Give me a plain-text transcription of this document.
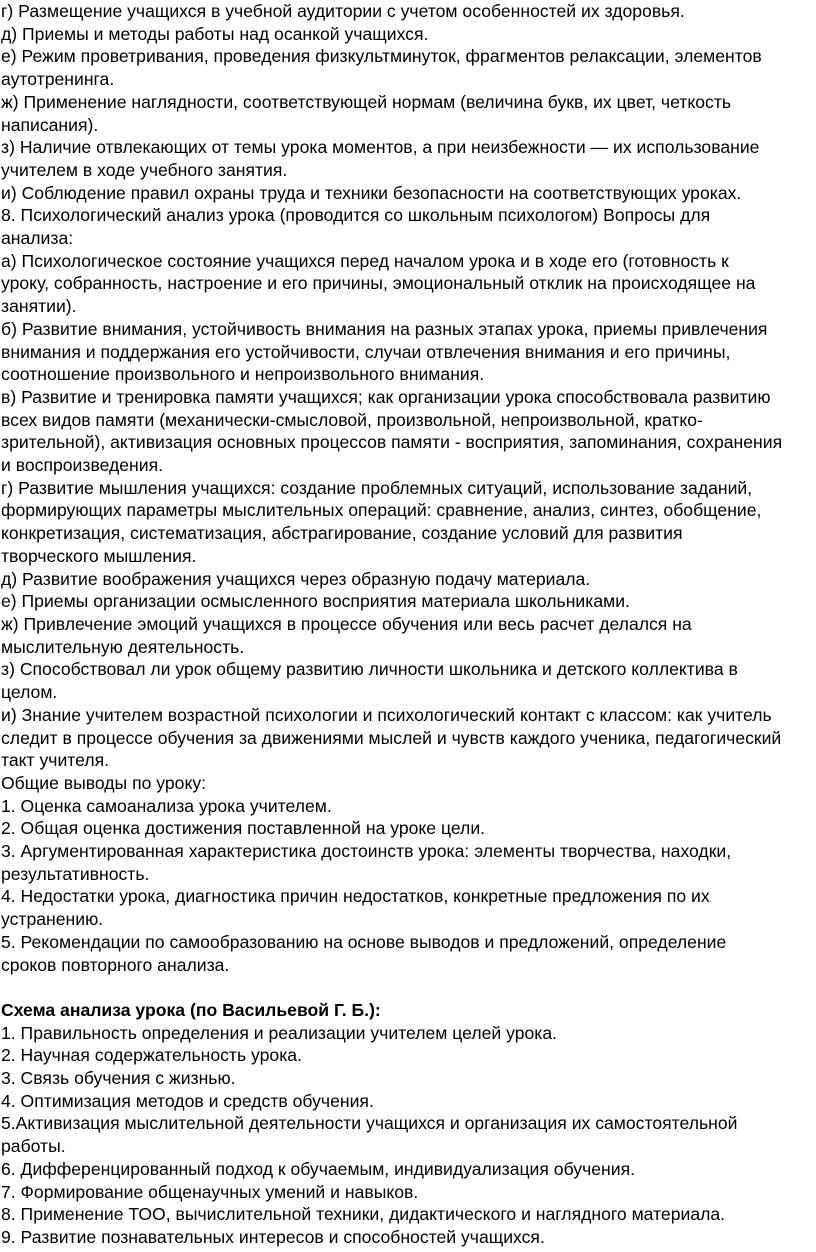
г) Размещение учащихся в учебной аудитории с учетом особенностей их здоровья.
д) Приемы и методы работы над осанкой учащихся.
е) Режим проветривания, проведения физкультминуток, фрагментов релаксации, элементов
аутотренинга.
ж) Применение наглядности, соответствующей нормам (величина букв, их цвет, четкость
написания).
з) Наличие отвлекающих от темы урока моментов, а при неизбежности — их использование
учителем в ходе учебного занятия.
и) Соблюдение правил охраны труда и техники безопасности на соответствующих уроках.
8. Психологический анализ урока (проводится со школьным психологом) Вопросы для
анализа:
а) Психологическое состояние учащихся перед началом урока и в ходе его (готовность к
уроку, собранность, настроение и его причины, эмоциональный отклик на происходящее на
занятии).
б) Развитие внимания, устойчивость внимания на разных этапах урока, приемы привлечения
внимания и поддержания его устойчивости, случаи отвлечения внимания и его причины,
соотношение произвольного и непроизвольного внимания.
в) Развитие и тренировка памяти учащихся; как организации урока способствовала развитию
всех видов памяти (механически-смысловой, произвольной, непроизвольной, кратко-
зрительной), активизация основных процессов памяти - восприятия, запоминания, сохранения
и воспроизведения.
г) Развитие мышления учащихся: создание проблемных ситуаций, использование заданий,
формирующих параметры мыслительных операций: сравнение, анализ, синтез, обобщение,
конкретизация, систематизация, абстрагирование, создание условий для развития
творческого мышления.
д) Развитие воображения учащихся через образную подачу материала.
е) Приемы организации осмысленного восприятия материала школьниками.
ж) Привлечение эмоций учащихся в процессе обучения или весь расчет делался на
мыслительную деятельность.
з) Способствовал ли урок общему развитию личности школьника и детского коллектива в
целом.
и) Знание учителем возрастной психологии и психологический контакт с классом: как учитель
следит в процессе обучения за движениями мыслей и чувств каждого ученика, педагогический
такт учителя.
Общие выводы по уроку:
1. Оценка самоанализа урока учителем.
2. Общая оценка достижения поставленной на уроке цели.
3. Аргументированная характеристика достоинств урока: элементы творчества, находки,
результативность.
4. Недостатки урока, диагностика причин недостатков, конкретные предложения по их
устранению.
5. Рекомендации по самообразованию на основе выводов и предложений, определение
сроков повторного анализа.
Схема анализа урока (по Васильевой Г. Б.):
1. Правильность определения и реализации учителем целей урока.
2. Научная содержательность урока.
3. Связь обучения с жизнью.
4. Оптимизация методов и средств обучения.
5.Активизация мыслительной деятельности учащихся и организация их самостоятельной
работы.
6. Дифференцированный подход к обучаемым, индивидуализация обучения.
7. Формирование общенаучных умений и навыков.
8. Применение ТОО, вычислительной техники, дидактического и наглядного материала.
9. Развитие познавательных интересов и способностей учащихся.
